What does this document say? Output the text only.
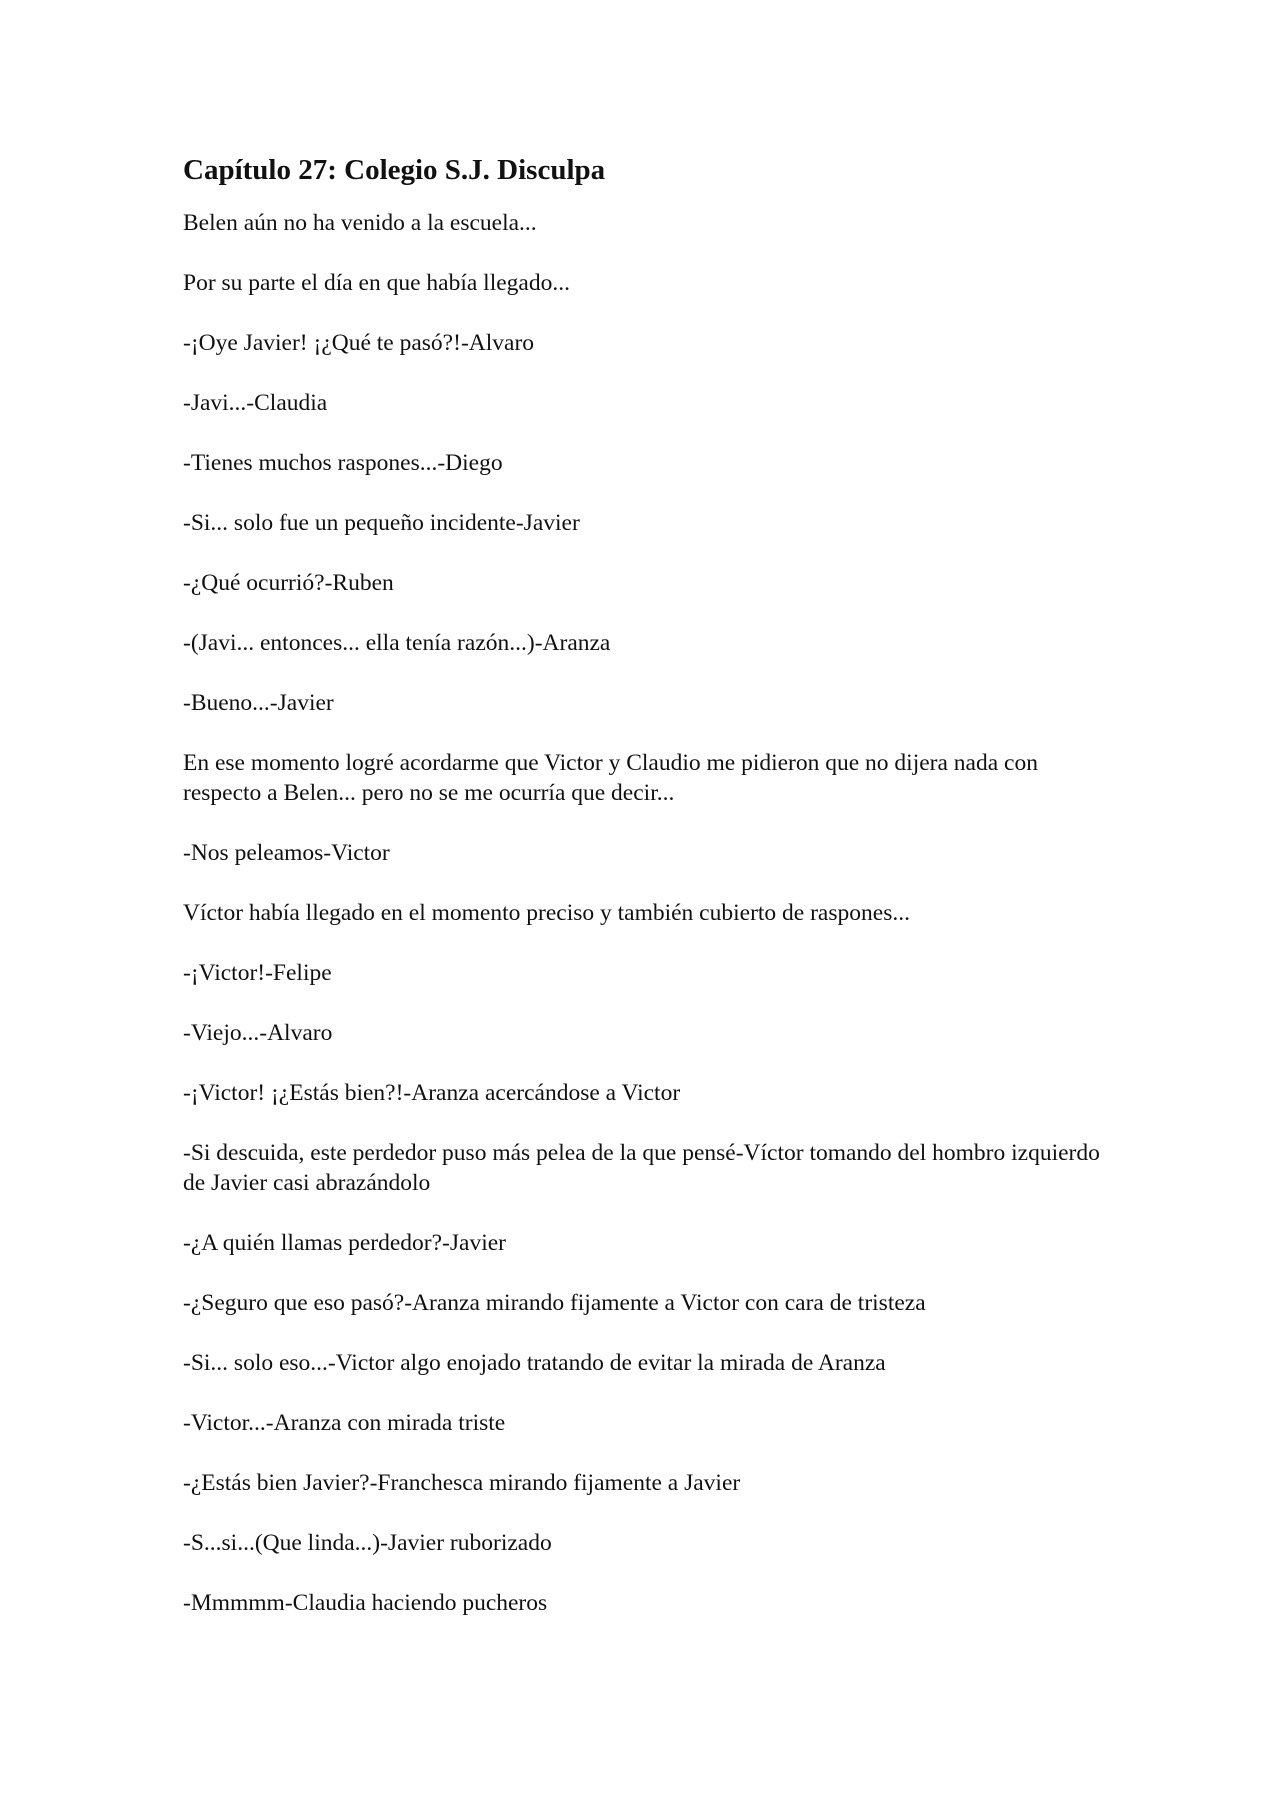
Capítulo 27: Colegio S.J. Disculpa

Belen aún no ha venido a la escuela...

Por su parte el día en que había llegado...

-¡Oye Javier! ¡¿Qué te pasó?!-Alvaro

-Javi...-Claudia

-Tienes muchos raspones...-Diego

-Si... solo fue un pequeño incidente-Javier

-¿Qué ocurrió?-Ruben

-(Javi... entonces... ella tenía razón...)-Aranza

-Bueno...-Javier

En ese momento logré acordarme que Victor y Claudio me pidieron que no dijera nada con respecto a Belen... pero no se me ocurría que decir...

-Nos peleamos-Victor

Víctor había llegado en el momento preciso y también cubierto de raspones...

-¡Victor!-Felipe

-Viejo...-Alvaro

-¡Victor! ¡¿Estás bien?!-Aranza acercándose a Victor

-Si descuida, este perdedor puso más pelea de la que pensé-Víctor tomando del hombro izquierdo de Javier casi abrazándolo

-¿A quién llamas perdedor?-Javier

-¿Seguro que eso pasó?-Aranza mirando fijamente a Victor con cara de tristeza

-Si... solo eso...-Victor algo enojado tratando de evitar la mirada de Aranza

-Victor...-Aranza con mirada triste

-¿Estás bien Javier?-Franchesca mirando fijamente a Javier

-S...si...(Que linda...)-Javier ruborizado

-Mmmmm-Claudia haciendo pucheros
